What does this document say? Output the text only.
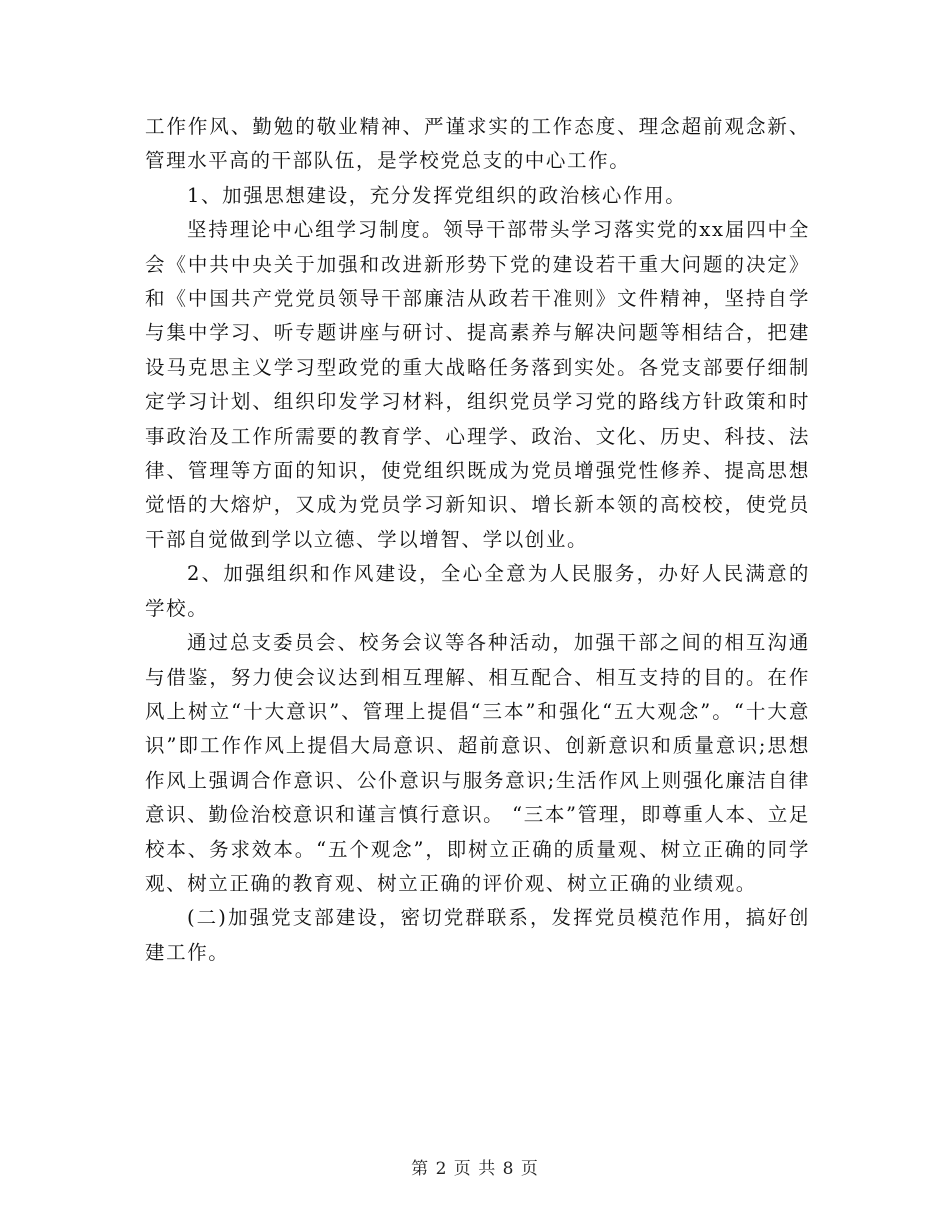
工作作风、勤勉的敬业精神、严谨求实的工作态度、理念超前观念新、管理水平高的干部队伍，是学校党总支的中心工作。

1、加强思想建设，充分发挥党组织的政治核心作用。

坚持理论中心组学习制度。领导干部带头学习落实党的xx届四中全会《中共中央关于加强和改进新形势下党的建设若干重大问题的决定》和《中国共产党党员领导干部廉洁从政若干准则》文件精神，坚持自学与集中学习、听专题讲座与研讨、提高素养与解决问题等相结合，把建设马克思主义学习型政党的重大战略任务落到实处。各党支部要仔细制定学习计划、组织印发学习材料，组织党员学习党的路线方针政策和时事政治及工作所需要的教育学、心理学、政治、文化、历史、科技、法律、管理等方面的知识，使党组织既成为党员增强党性修养、提高思想觉悟的大熔炉，又成为党员学习新知识、增长新本领的高校校，使党员干部自觉做到学以立德、学以增智、学以创业。

2、加强组织和作风建设，全心全意为人民服务，办好人民满意的学校。

通过总支委员会、校务会议等各种活动，加强干部之间的相互沟通与借鉴，努力使会议达到相互理解、相互配合、相互支持的目的。在作风上树立“十大意识”、管理上提倡“三本”和强化“五大观念”。“十大意识”即工作作风上提倡大局意识、超前意识、创新意识和质量意识;思想作风上强调合作意识、公仆意识与服务意识;生活作风上则强化廉洁自律意识、勤俭治校意识和谨言慎行意识。 “三本”管理，即尊重人本、立足校本、务求效本。“五个观念”，即树立正确的质量观、树立正确的同学观、树立正确的教育观、树立正确的评价观、树立正确的业绩观。

(二)加强党支部建设，密切党群联系，发挥党员模范作用，搞好创建工作。

第 2 页 共 8 页
